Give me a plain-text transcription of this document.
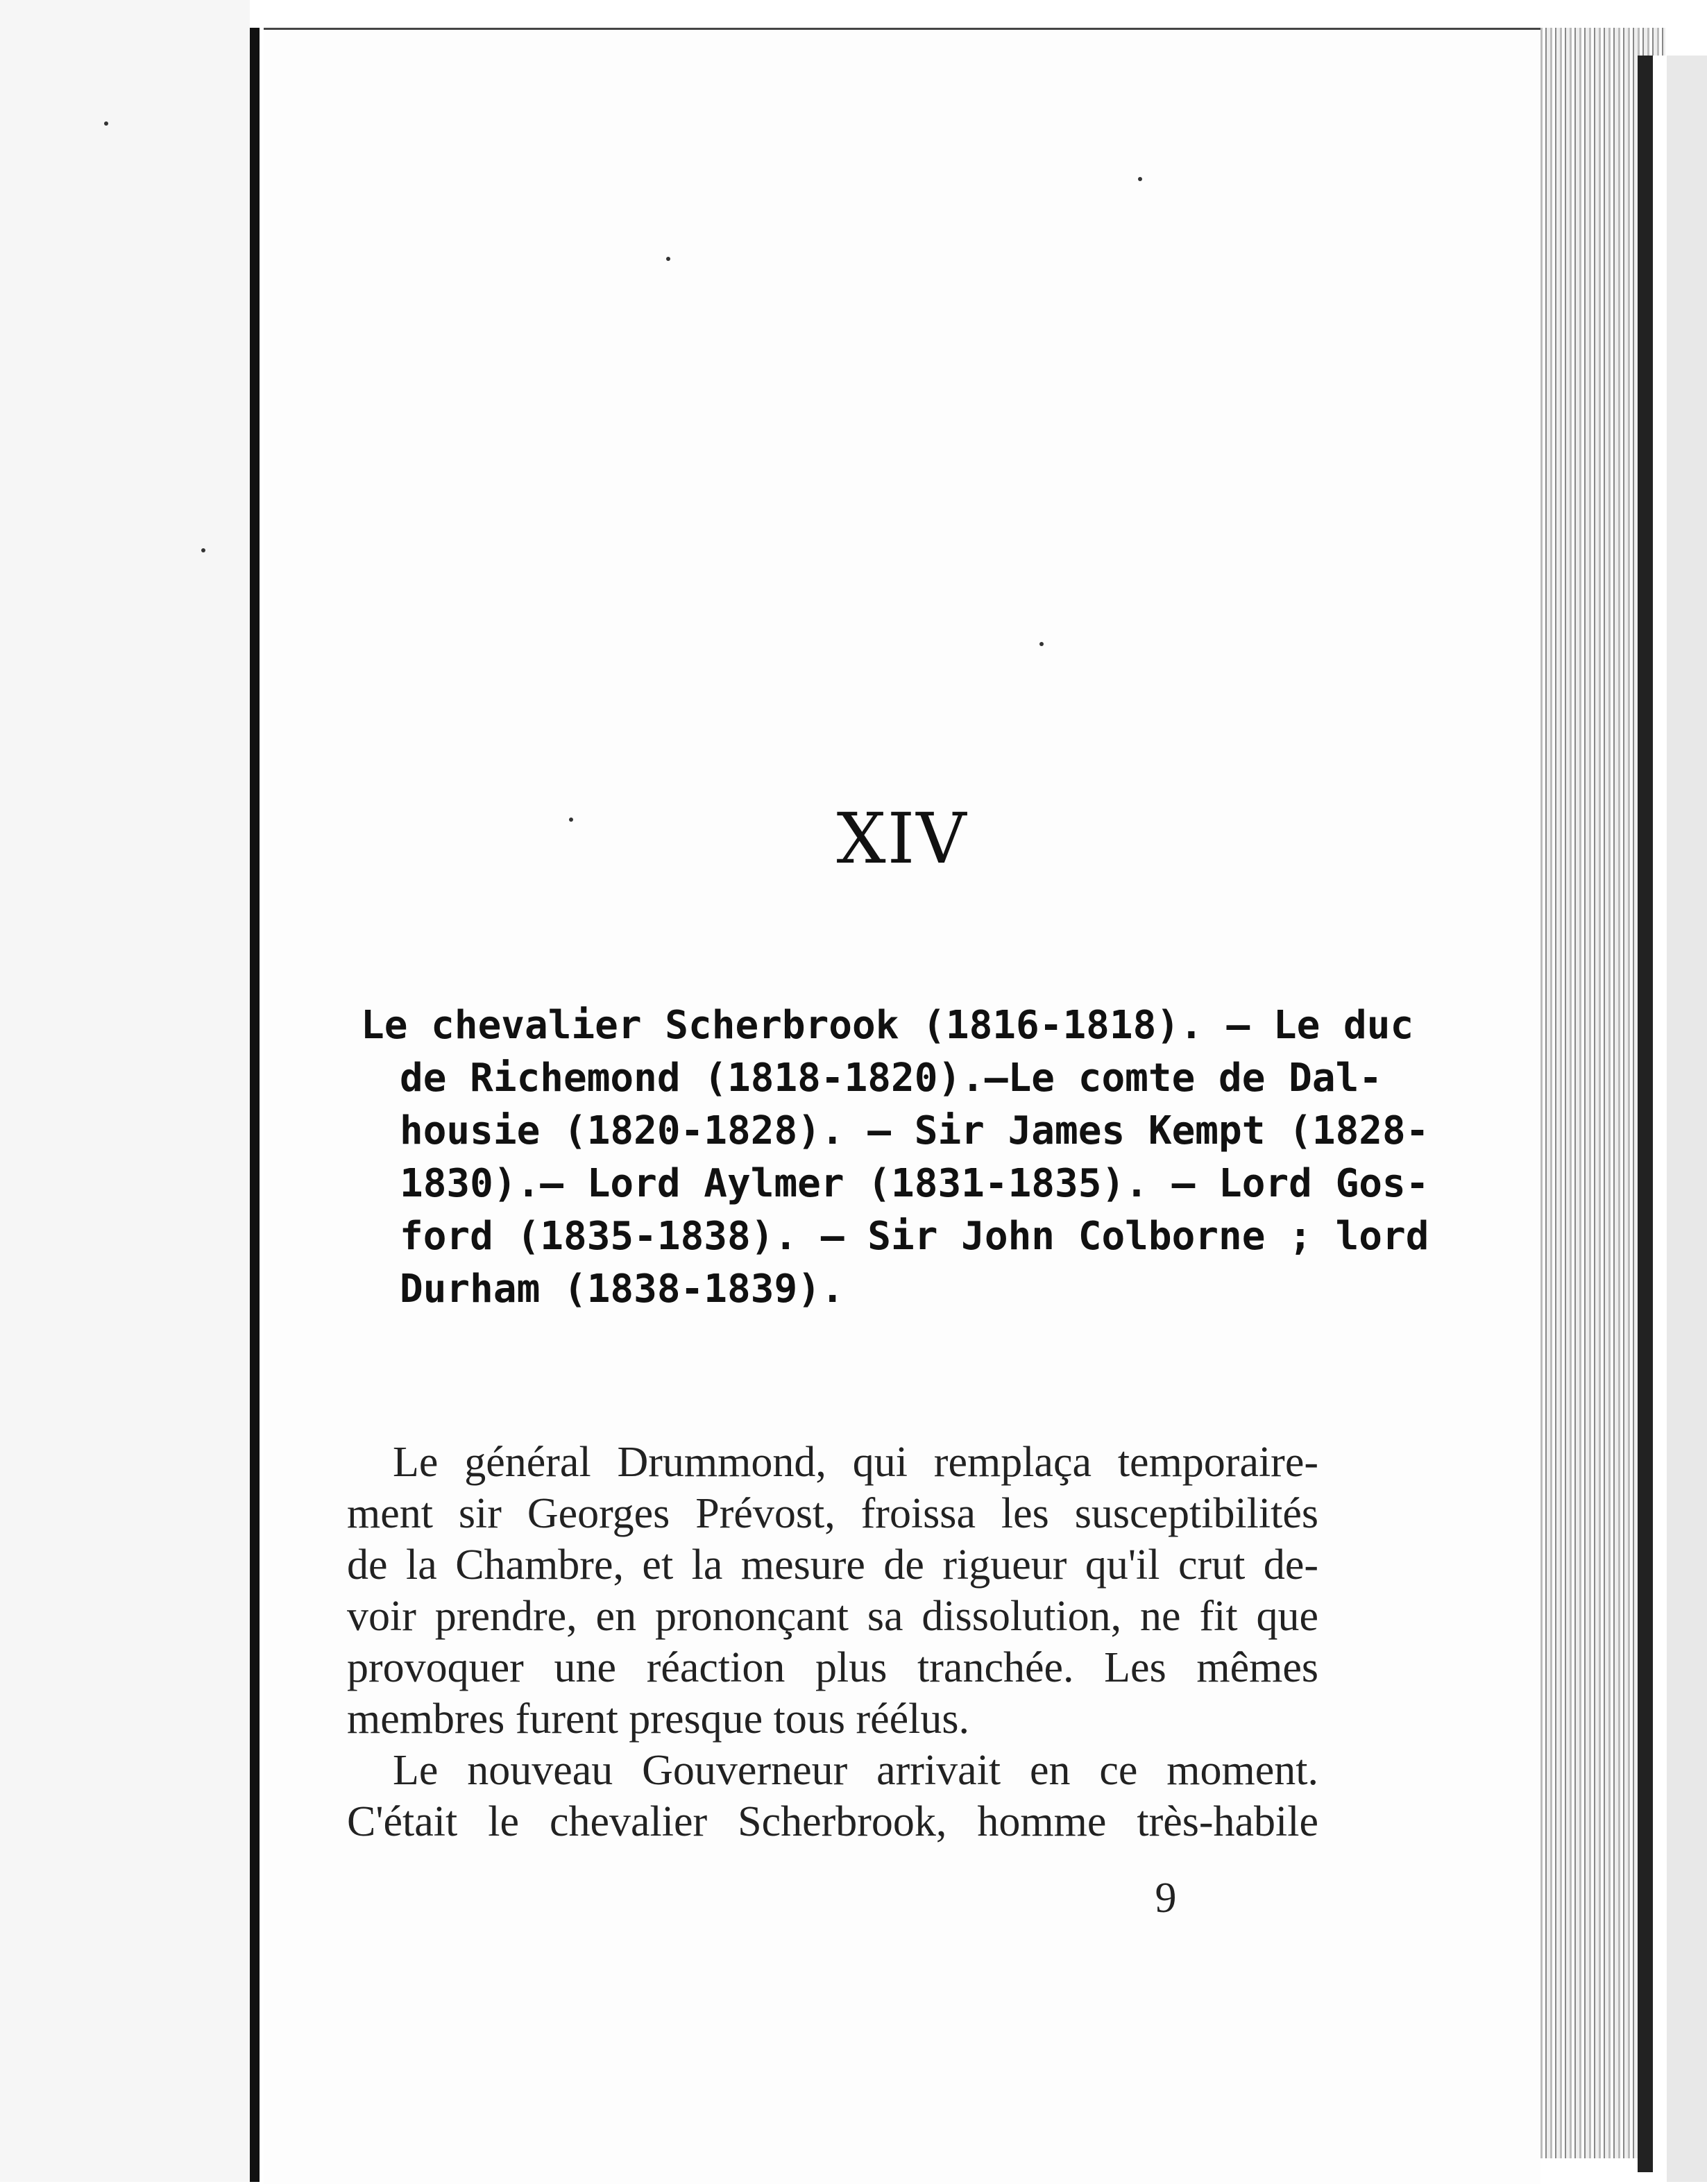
XIV
Le chevalier Scherbrook (1816-1818). — Le duc
de Richemond (1818-1820).—Le comte de Dal-
housie (1820-1828). — Sir James Kempt (1828-
1830).— Lord Aylmer (1831-1835). — Lord Gos-
ford (1835-1838). — Sir John Colborne ; lord
Durham (1838-1839).
Le général Drummond, qui remplaça temporaire-
ment sir Georges Prévost, froissa les susceptibilités
de la Chambre, et la mesure de rigueur qu'il crut de-
voir prendre, en prononçant sa dissolution, ne fit que
provoquer une réaction plus tranchée. Les mêmes
membres furent presque tous réélus.
Le nouveau Gouverneur arrivait en ce moment.
C'était le chevalier Scherbrook, homme très-habile
9
